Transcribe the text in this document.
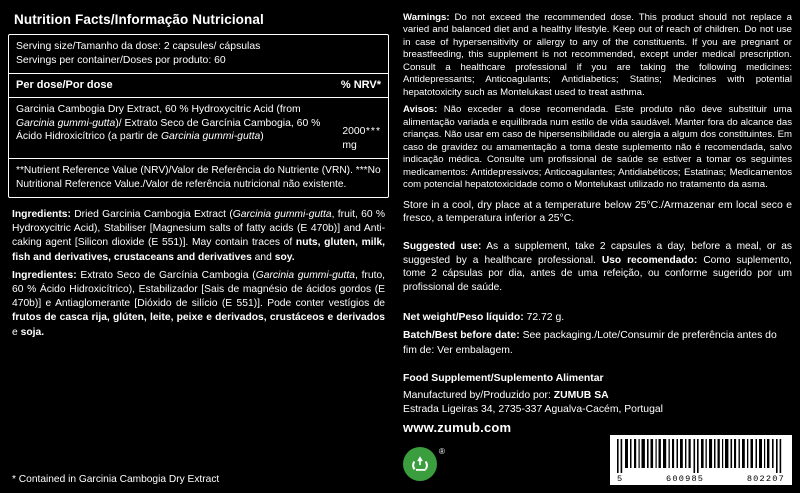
Nutrition Facts/Informação Nutricional
Serving size/Tamanho da dose: 2 capsules/ cápsulas
Servings per container/Doses por produto: 60
Per dose/Por dose	% NRV*
Garcinia Cambogia Dry Extract, 60 % Hydroxycitric Acid (from Garcinia gummi-gutta)/ Extrato Seco de Garcínia Cambogia, 60 % Ácido Hidroxicítrico (a partir de Garcinia gummi-gutta)	2000 mg
***
**Nutrient Reference Value (NRV)/Valor de Referência do Nutriente (VRN). ***No Nutritional Reference Value./Valor de referência nutricional não existente.

Ingredients: Dried Garcinia Cambogia Extract (Garcinia gummi-gutta, fruit, 60 % Hydroxycitric Acid), Stabiliser [Magnesium salts of fatty acids (E 470b)] and Anti-caking agent [Silicon dioxide (E 551)]. May contain traces of nuts, gluten, milk, fish and derivatives, crustaceans and derivatives and soy.

Ingredientes: Extrato Seco de Garcínia Cambogia (Garcinia gummi-gutta, fruto, 60 % Ácido Hidroxicítrico), Estabilizador [Sais de magnésio de ácidos gordos (E 470b)] e Antiaglomerante [Dióxido de silício (E 551)]. Pode conter vestígios de frutos de casca rija, glúten, leite, peixe e derivados, crustáceos e derivados e soja.

* Contained in Garcinia Cambogia Dry Extract

Warnings: Do not exceed the recommended dose. This product should not replace a varied and balanced diet and a healthy lifestyle. Keep out of reach of children. Do not use in case of hypersensitivity or allergy to any of the constituents. If you are pregnant or breastfeeding, this supplement is not recommended, except under medical prescription. Consult a healthcare professional if you are taking the following medicines: Antidepressants; Anticoagulants; Antidiabetics; Statins; Medicines with potential hepatotoxicity such as Montelukast used to treat asthma.

Avisos: Não exceder a dose recomendada. Este produto não deve substituir uma alimentação variada e equilibrada num estilo de vida saudável. Manter fora do alcance das crianças. Não usar em caso de hipersensibilidade ou alergia a algum dos constituintes. Em caso de gravidez ou amamentação a toma deste suplemento não é recomendada, salvo indicação médica. Consulte um profissional de saúde se estiver a tomar os seguintes medicamentos: Antidepressivos; Anticoagulantes; Antidiabéticos; Estatinas; Medicamentos com potencial hepatotoxicidade como o Montelukast utilizado no tratamento da asma.

Store in a cool, dry place at a temperature below 25°C./Armazenar em local seco e fresco, a temperatura inferior a 25°C.
Suggested use: As a supplement, take 2 capsules a day, before a meal, or as suggested by a healthcare professional. Uso recomendado: Como suplemento, tome 2 cápsulas por dia, antes de uma refeição, ou conforme sugerido por um profissional de saúde.

Net weight/Peso líquido: 72.72 g.

Batch/Best before date: See packaging./Lote/Consumir de preferência antes do fim de: Ver embalagem.

Food Supplement/Suplemento Alimentar
Manufactured by/Produzido por: ZUMUB SA
Estrada Ligeiras 34, 2735-337 Agualva-Cacém, Portugal
www.zumub.com
®
5	600985	802207
